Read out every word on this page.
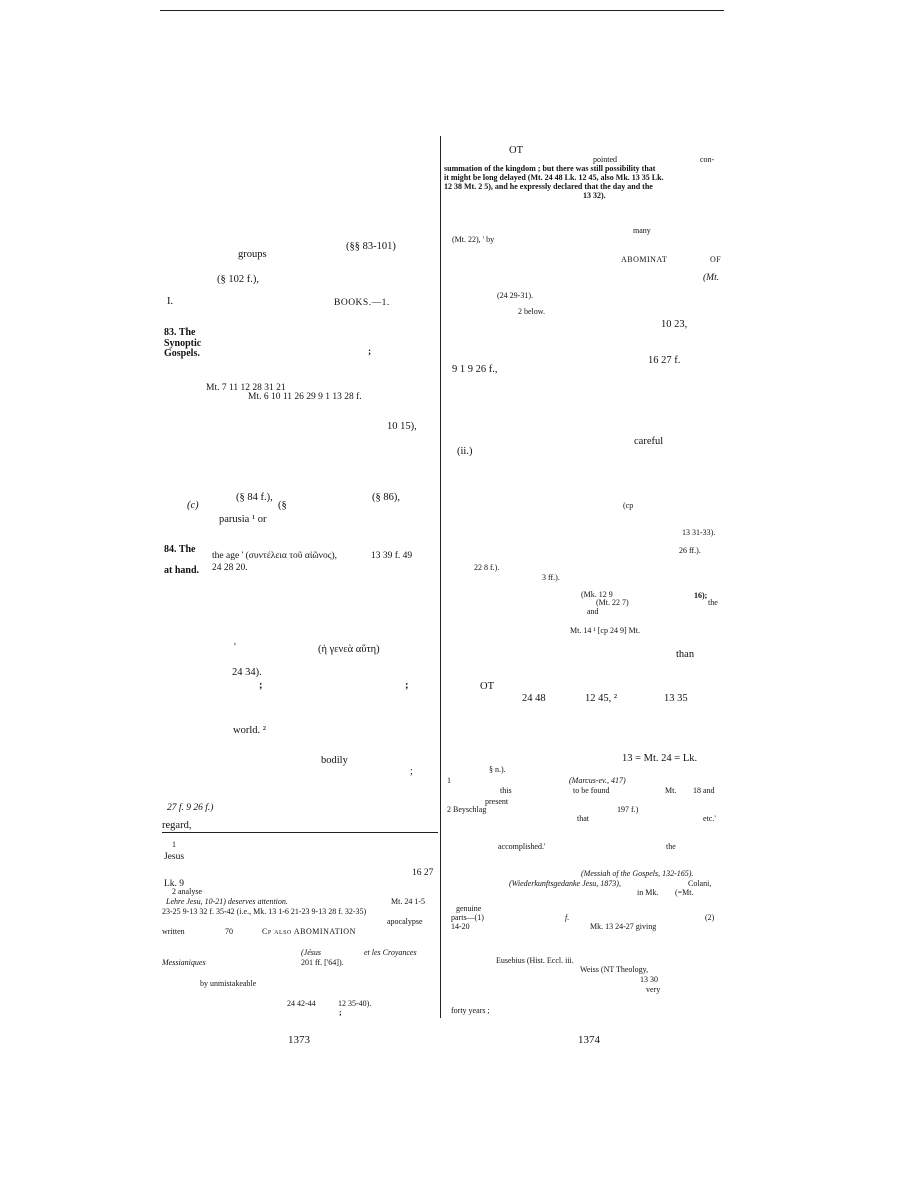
(§§ 83-101)
groups
(§ 102 f.),
I.	BOOKS.—1.
83. The
Synoptic
Gospels.	;
Mt. 7 11 12 28 31 21
Mt. 6 10 11 26 29 9 1 13 28 f.
10 15),
(c)
(§ 84 f.),	(§ 86),
parusia ¹ or
(§
84. The
at hand.
the age ' (συντέλεια τοῦ αἰῶνος),	13 39 f. 49
24 28 20.
'	(ἡ γενεὰ αὕτη)
24 34).
;	;
world. ²
bodily
;
27 f. 9 26 f.)
regard,
1
Jesus
16 27
Lk. 9
2 analyse
Lehre Jesu, 10-21) deserves attention.	Mt. 24 1-5
23-25 9-13 32 f. 35-42 (i.e., Mk. 13 1-6 21-23 9-13 28 f. 32-35)
apocalypse
written	70	Cp also ABOMINATION
(Jésus	et les Croyances
Messianiques	201 ff. ['64]).
by unmistakeable
24 42-44	12 35-40).
;
OT
pointed	con-
summation of the kingdom ; but there was still possibility that
it might be long delayed (Mt. 24 48 Lk. 12 45, also Mk. 13 35 Lk.
12 38 Mt. 2 5), and he expressly declared that the day and the
13 32).
many
(Mt. 22), ' by
ABOMINAT	OF
(Mt.
(24 29-31).
2 below.
10 23,
16 27 f.
9 1 9 26 f.,
careful
(ii.)
(cp
13 31-33).
26 ff.).
22 8 f.).
3 ff.).
(Mk. 12 9	16);
(Mt. 22 7)	the
and
Mt. 14 ¹ [cp 24 9] Mt.
than
OT
24 48	12 45, ²	13 35
13 = Mt. 24 = Lk.
§ n.).
1	(Marcus-ev., 417)
this	to be found	Mt. 18 and
present
2 Beyschlag	197 f.)
that	etc.'
accomplished.'	the
(Messiah of the Gospels, 132-165).
(Wiederkunftsgedanke Jesu, 1873),	Colani,
in Mk. (=Mt.
genuine
parts—(1)	f.	(2)
14-20	Mk. 13 24-27 giving
Eusebius (Hist. Eccl. iii.
Weiss (NT Theology,
13 30
very
forty years ;
1373	1374
